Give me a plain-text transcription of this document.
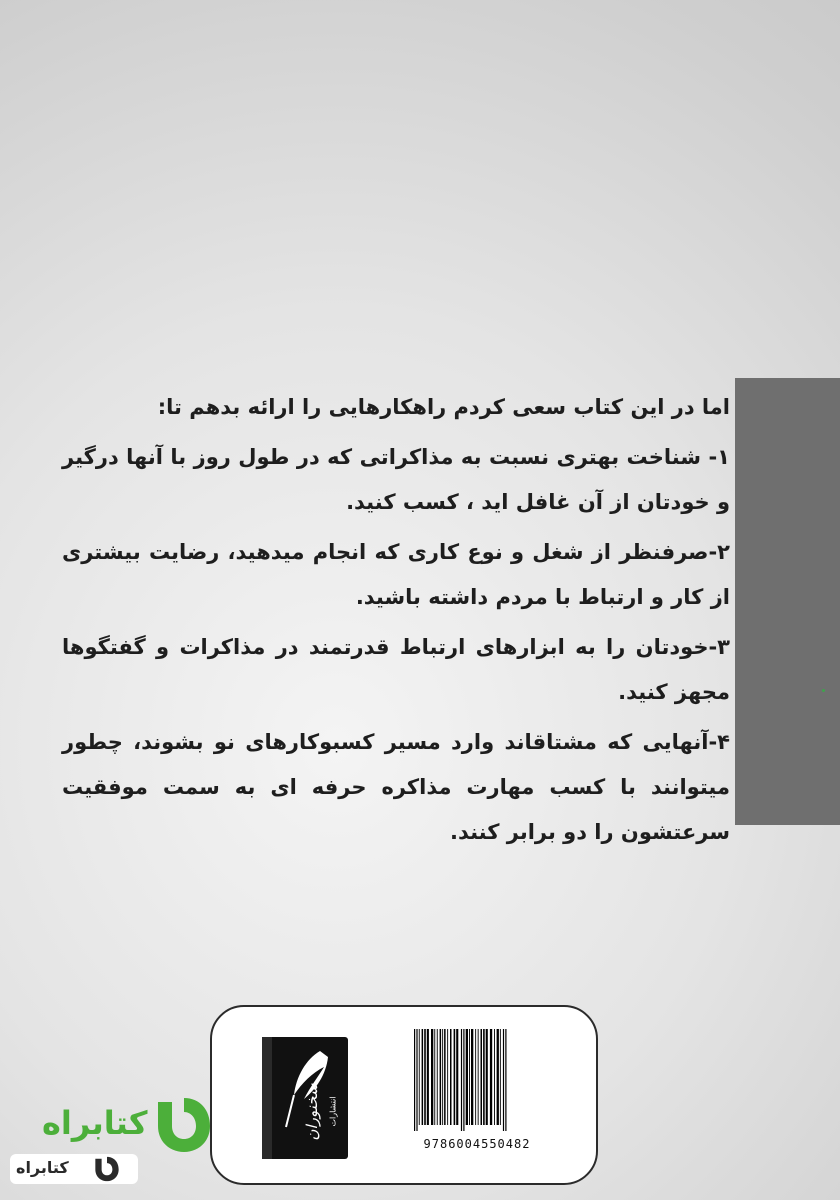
اما در این کتاب سعی کردم راهکارهایی را ارائه بدهم تا:

۱- شناخت بهتری نسبت به مذاکراتی که در طول روز با آنها درگیر و خودتان از آن غافل اید ، کسب کنید.

۲-صرفنظر از شغل و نوع کاری که انجام میدهید، رضایت بیشتری از کار و ارتباط با مردم داشته باشید.

۳-خودتان را به ابزارهای ارتباط قدرتمند در مذاکرات و گفتگوها مجهز کنید.

۴-آنهایی که مشتاقاند وارد مسیر کسبوکارهای نو بشوند، چطور میتوانند با کسب مهارت مذاکره حرفه ای به سمت موفقیت سرعتشون را دو برابر کنند.

سخنوران انتشارات
9786004550482
کتابراه
کتابراه
